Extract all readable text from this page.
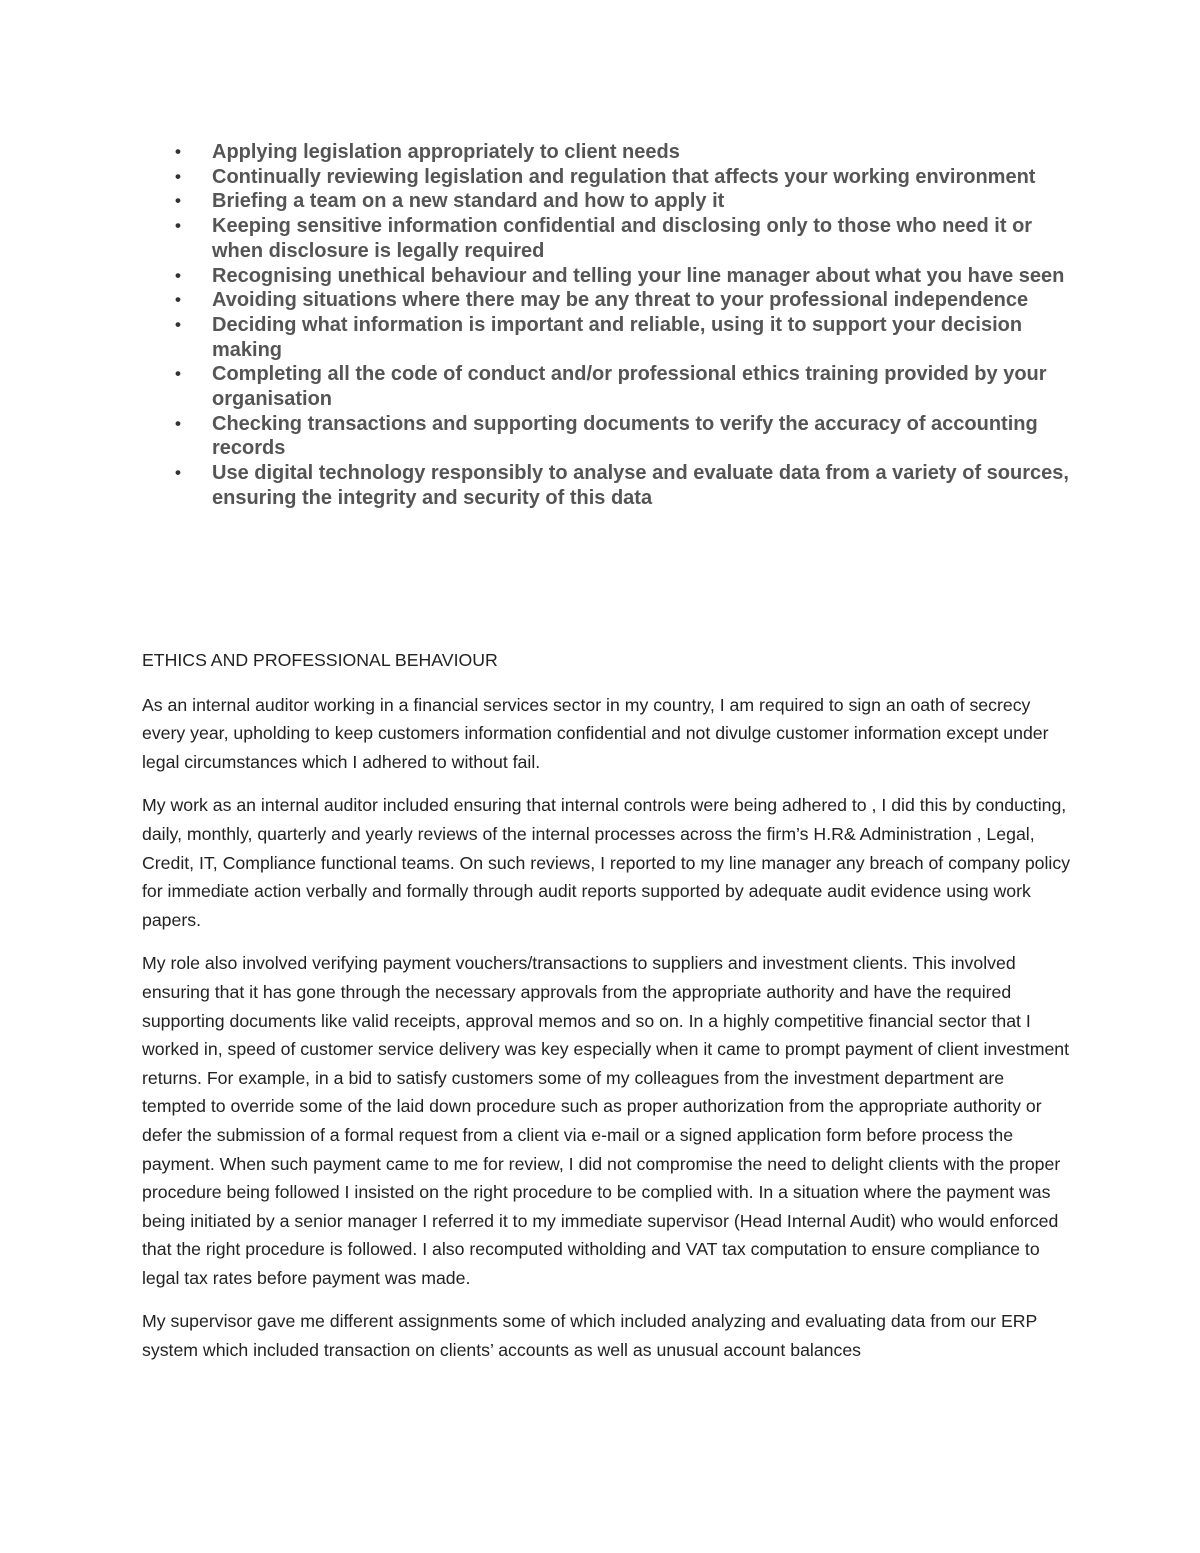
• Applying legislation appropriately to client needs
• Continually reviewing legislation and regulation that affects your working environment
• Briefing a team on a new standard and how to apply it
• Keeping sensitive information confidential and disclosing only to those who need it or when disclosure is legally required
• Recognising unethical behaviour and telling your line manager about what you have seen
• Avoiding situations where there may be any threat to your professional independence
• Deciding what information is important and reliable, using it to support your decision making
• Completing all the code of conduct and/or professional ethics training provided by your organisation
• Checking transactions and supporting documents to verify the accuracy of accounting records
• Use digital technology responsibly to analyse and evaluate data from a variety of sources, ensuring the integrity and security of this data

ETHICS AND PROFESSIONAL BEHAVIOUR

As an internal auditor working in a financial services sector in my country, I am required to sign an oath of secrecy every year, upholding to keep customers information confidential and not divulge customer information except under legal circumstances which I adhered to without fail.

My work as an internal auditor included ensuring that internal controls were being adhered to , I did this by conducting, daily, monthly, quarterly and yearly reviews of the internal processes across the firm’s H.R& Administration , Legal, Credit, IT, Compliance functional teams. On such reviews, I reported to my line manager any breach of company policy for immediate action verbally and formally through audit reports supported by adequate audit evidence using work papers.

My role also involved verifying payment vouchers/transactions to suppliers and investment clients. This involved ensuring that it has gone through the necessary approvals from the appropriate authority and have the required supporting documents like valid receipts, approval memos and so on. In a highly competitive financial sector that I worked in, speed of customer service delivery was key especially when it came to prompt payment of client investment returns. For example, in a bid to satisfy customers some of my colleagues from the investment department are tempted to override some of the laid down procedure such as proper authorization from the appropriate authority or defer the submission of a formal request from a client via e-mail or a signed application form before process the payment. When such payment came to me for review, I did not compromise the need to delight clients with the proper procedure being followed I insisted on the right procedure to be complied with. In a situation where the payment was being initiated by a senior manager I referred it to my immediate supervisor (Head Internal Audit) who would enforced that the right procedure is followed. I also recomputed witholding and VAT tax computation to ensure compliance to legal tax rates before payment was made.

My supervisor gave me different assignments some of which included analyzing and evaluating data from our ERP system which included transaction on clients’ accounts as well as unusual account balances
